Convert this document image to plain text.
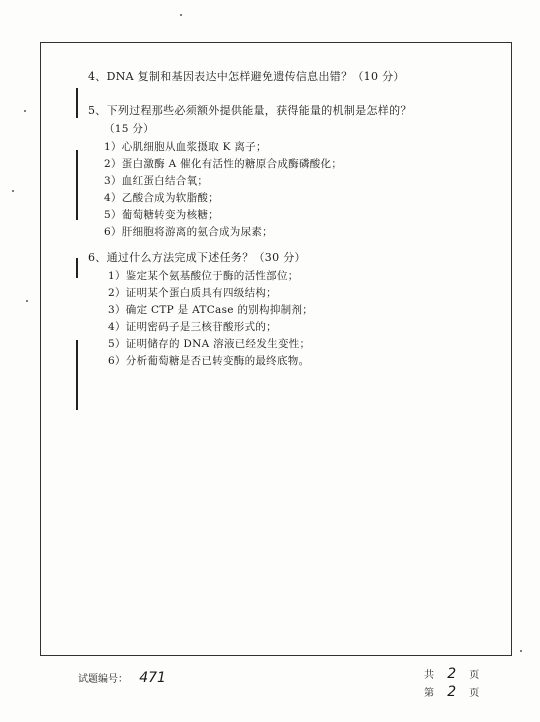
4、DNA 复制和基因表达中怎样避免遗传信息出错？（10 分）
5、下列过程那些必须额外提供能量，获得能量的机制是怎样的？
（15 分）
1）心肌细胞从血浆摄取 K 离子；
2）蛋白激酶 A 催化有活性的糖原合成酶磷酸化；
3）血红蛋白结合氧；
4）乙酸合成为软脂酸；
5）葡萄糖转变为核糖；
6）肝细胞将游离的氨合成为尿素；
6、通过什么方法完成下述任务？（30 分）
1）鉴定某个氨基酸位于酶的活性部位；
2）证明某个蛋白质具有四级结构；
3）确定 CTP 是 ATCase 的别构抑制剂；
4）证明密码子是三核苷酸形式的；
5）证明储存的 DNA 溶液已经发生变性；
6）分析葡萄糖是否已转变酶的最终底物。
试题编号： 471	共 2 页
第 2 页
